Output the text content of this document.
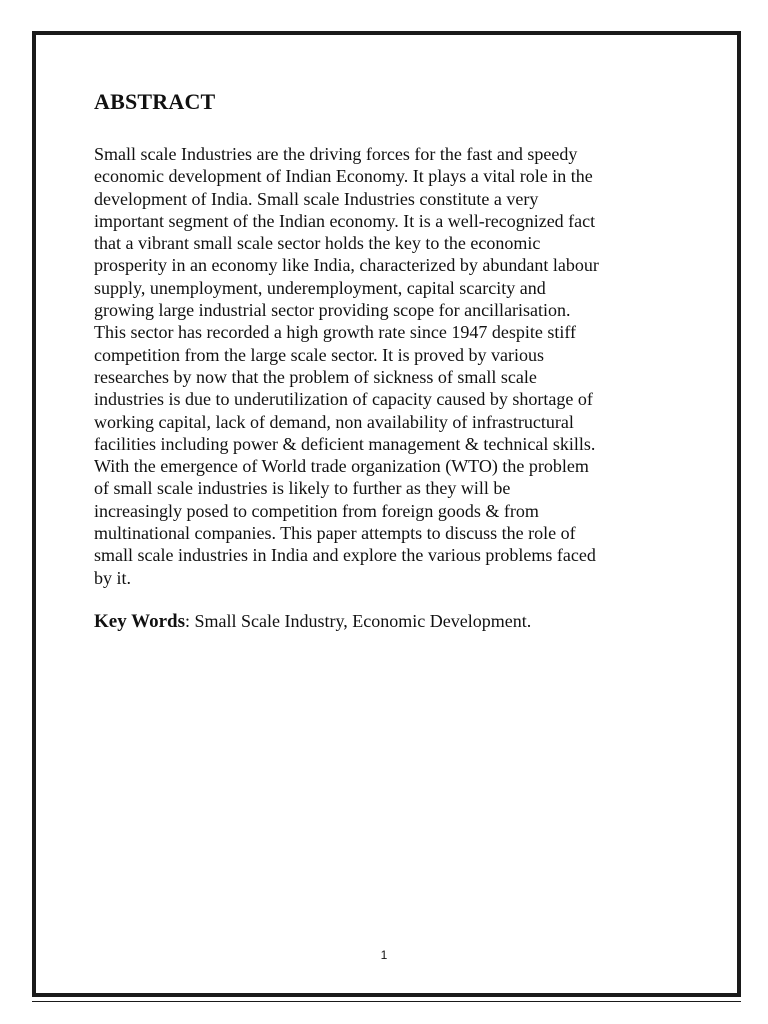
ABSTRACT
Small scale Industries are the driving forces for the fast and speedy
economic development of Indian Economy. It plays a vital role in the
development of India. Small scale Industries constitute a very
important segment of the Indian economy. It is a well-recognized fact
that a vibrant small scale sector holds the key to the economic
prosperity in an economy like India, characterized by abundant labour
supply, unemployment, underemployment, capital scarcity and
growing large industrial sector providing scope for ancillarisation.
This sector has recorded a high growth rate since 1947 despite stiff
competition from the large scale sector. It is proved by various
researches by now that the problem of sickness of small scale
industries is due to underutilization of capacity caused by shortage of
working capital, lack of demand, non availability of infrastructural
facilities including power & deficient management & technical skills.
With the emergence of World trade organization (WTO) the problem
of small scale industries is likely to further as they will be
increasingly posed to competition from foreign goods & from
multinational companies. This paper attempts to discuss the role of
small scale industries in India and explore the various problems faced
by it.

Key Words: Small Scale Industry, Economic Development.

1
